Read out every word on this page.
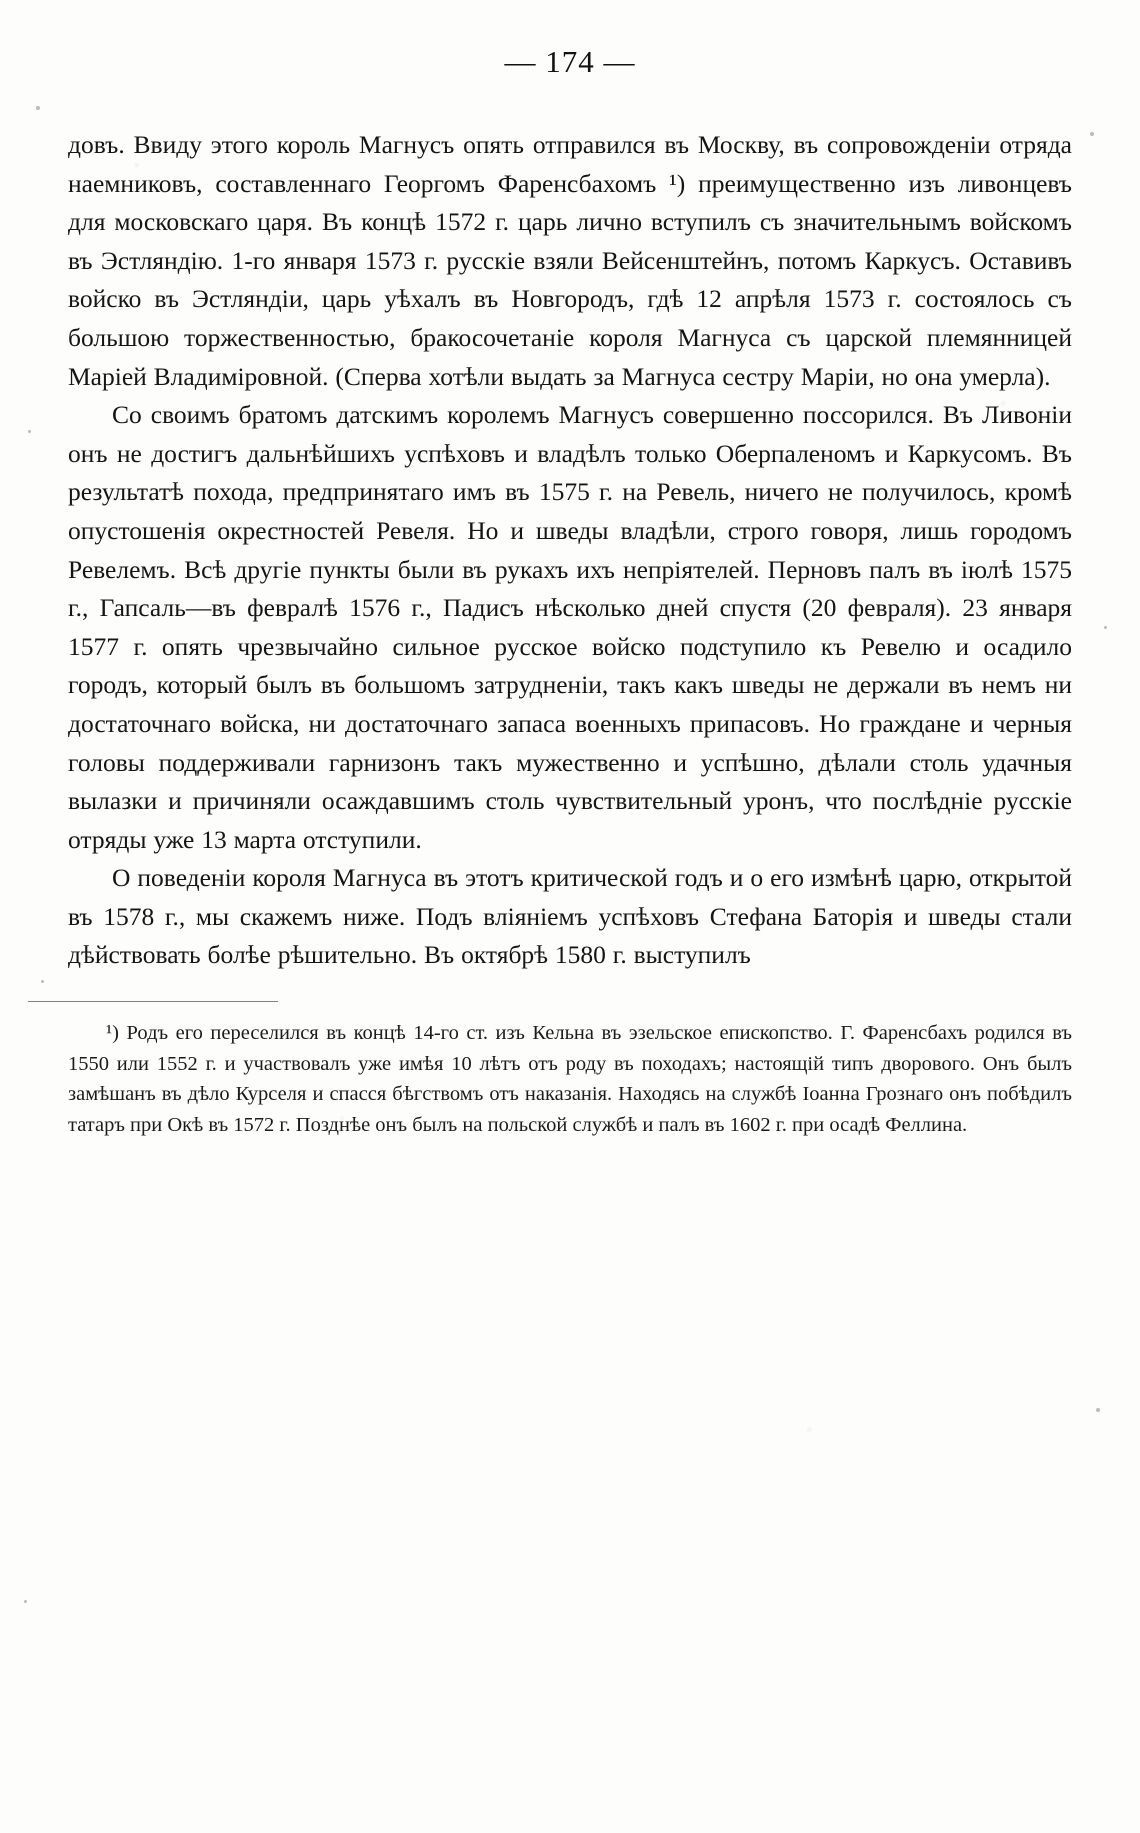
— 174 —

довъ. Ввиду этого король Магнусъ опять отправился въ Москву, въ сопровожденiи отряда наемниковъ, составленнаго Георгомъ Фаренсбахомъ ¹) преимущественно изъ ливонцевъ для московскаго царя. Въ концѣ 1572 г. царь лично вступилъ съ значительнымъ войскомъ въ Эстляндiю. 1-го января 1573 г. русскiе взяли Вейсенштейнъ, потомъ Каркусъ. Оставивъ войско въ Эстляндiи, царь уѣхалъ въ Новгородъ, гдѣ 12 апрѣля 1573 г. состоялось съ большою торжественностью, бракосочетанiе короля Магнуса съ царской племянницей Марiей Владимiровной. (Сперва хотѣли выдать за Магнуса сестру Марiи, но она умерла).

Со своимъ братомъ датскимъ королемъ Магнусъ совершенно поссорился. Въ Ливонiи онъ не достигъ дальнѣйшихъ успѣховъ и владѣлъ только Оберпаленомъ и Каркусомъ. Въ результатѣ похода, предпринятаго имъ въ 1575 г. на Ревель, ничего не получилось, кромѣ опустошенiя окрестностей Ревеля. Но и шведы владѣли, строго говоря, лишь городомъ Ревелемъ. Всѣ другiе пункты были въ рукахъ ихъ непрiятелей. Перновъ палъ въ iюлѣ 1575 г., Гапсаль—въ февралѣ 1576 г., Падисъ нѣсколько дней спустя (20 февраля). 23 января 1577 г. опять чрезвычайно сильное русское войско подступило къ Ревелю и осадило городъ, который былъ въ большомъ затрудненiи, такъ какъ шведы не держали въ немъ ни достаточнаго войска, ни достаточнаго запаса военныхъ припасовъ. Но граждане и черныя головы поддерживали гарнизонъ такъ мужественно и успѣшно, дѣлали столь удачныя вылазки и причиняли осаждавшимъ столь чувствительный уронъ, что послѣднiе русскiе отряды уже 13 марта отступили.

О поведенiи короля Магнуса въ этотъ критической годъ и о его измѣнѣ царю, открытой въ 1578 г., мы скажемъ ниже. Подъ влiянiемъ успѣховъ Стефана Баторiя и шведы стали дѣйствовать болѣе рѣшительно. Въ октябрѣ 1580 г. выступилъ

¹) Родъ его переселился въ концѣ 14-го ст. изъ Кельна въ эзельское епископство. Г. Фаренсбахъ родился въ 1550 или 1552 г. и участвовалъ уже имѣя 10 лѣтъ отъ роду въ походахъ; настоящiй типъ дворового. Онъ былъ замѣшанъ въ дѣло Курселя и спасся бѣгствомъ отъ наказанiя. Находясь на службѣ Iоанна Грознаго онъ побѣдилъ татаръ при Окѣ въ 1572 г. Позднѣе онъ былъ на польской службѣ и палъ въ 1602 г. при осадѣ Феллина.
